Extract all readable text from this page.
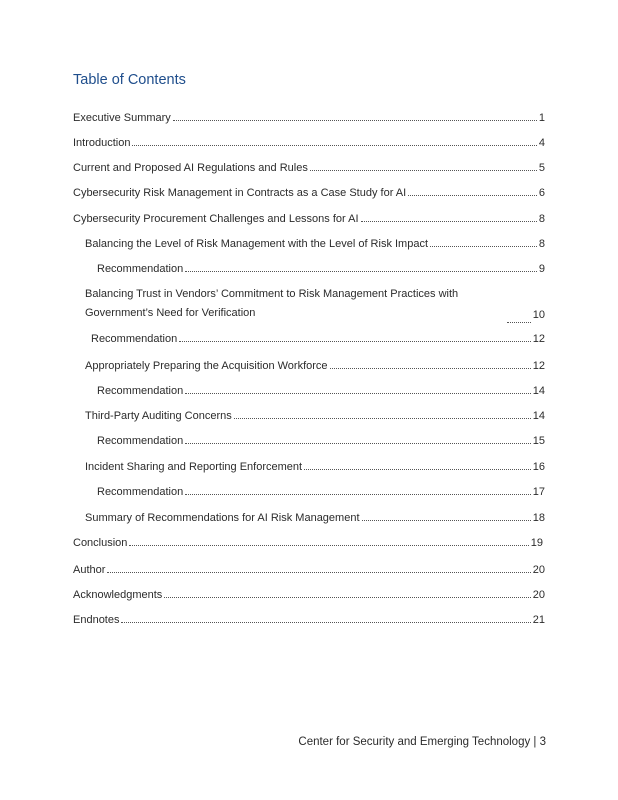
Table of Contents
Executive Summary	1
Introduction	4
Current and Proposed AI Regulations and Rules	5
Cybersecurity Risk Management in Contracts as a Case Study for AI	6
Cybersecurity Procurement Challenges and Lessons for AI	8
Balancing the Level of Risk Management with the Level of Risk Impact	8
Recommendation	9
Balancing Trust in Vendors’ Commitment to Risk Management Practices with Government’s Need for Verification	10
Recommendation	12
Appropriately Preparing the Acquisition Workforce	12
Recommendation	14
Third-Party Auditing Concerns	14
Recommendation	15
Incident Sharing and Reporting Enforcement	16
Recommendation	17
Summary of Recommendations for AI Risk Management	18
Conclusion	19
Author	20
Acknowledgments	20
Endnotes	21
Center for Security and Emerging Technology | 3
